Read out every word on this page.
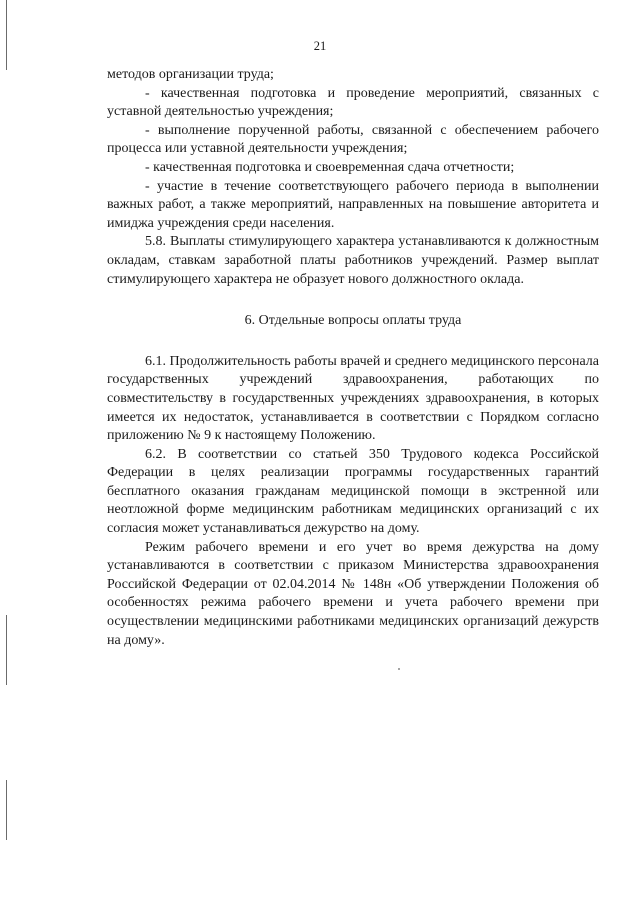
21

методов организации труда;

- качественная подготовка и проведение мероприятий, связанных с уставной деятельностью учреждения;

- выполнение порученной работы, связанной с обеспечением рабочего процесса или уставной деятельности учреждения;

- качественная подготовка и своевременная сдача отчетности;

- участие в течение соответствующего рабочего периода в выполнении важных работ, а также мероприятий, направленных на повышение авторитета и имиджа учреждения среди населения.

5.8. Выплаты стимулирующего характера устанавливаются к должностным окладам, ставкам заработной платы работников учреждений. Размер выплат стимулирующего характера не образует нового должностного оклада.

6. Отдельные вопросы оплаты труда

6.1. Продолжительность работы врачей и среднего медицинского персонала государственных учреждений здравоохранения, работающих по совместительству в государственных учреждениях здравоохранения, в которых имеется их недостаток, устанавливается в соответствии с Порядком согласно приложению № 9 к настоящему Положению.

6.2. В соответствии со статьей 350 Трудового кодекса Российской Федерации в целях реализации программы государственных гарантий бесплатного оказания гражданам медицинской помощи в экстренной или неотложной форме медицинским работникам медицинских организаций с их согласия может устанавливаться дежурство на дому.

Режим рабочего времени и его учет во время дежурства на дому устанавливаются в соответствии с приказом Министерства здравоохранения Российской Федерации от 02.04.2014 № 148н «Об утверждении Положения об особенностях режима рабочего времени и учета рабочего времени при осуществлении медицинскими работниками медицинских организаций дежурств на дому».
